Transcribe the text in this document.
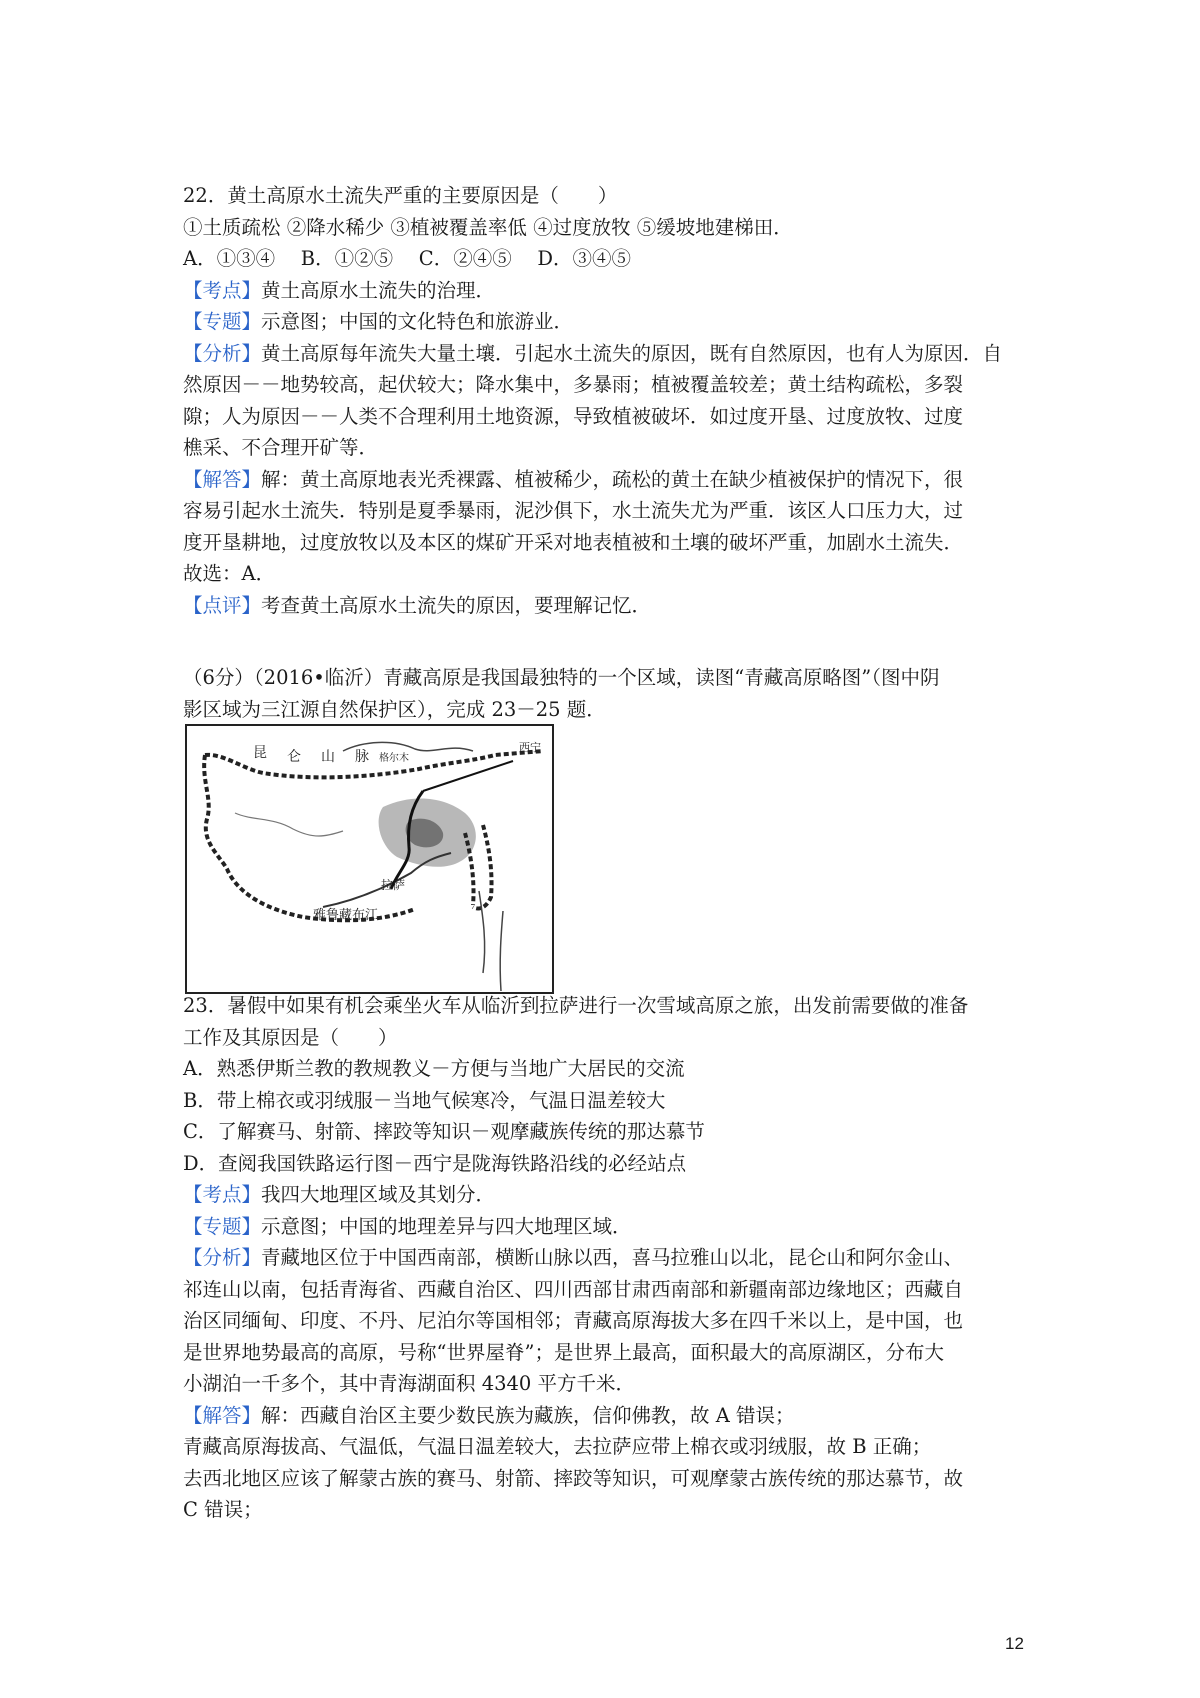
22．黄土高原水土流失严重的主要原因是（　　）
①土质疏松 ②降水稀少 ③植被覆盖率低 ④过度放牧 ⑤缓坡地建梯田．
A．①③④　 B．①②⑤　 C．②④⑤　 D．③④⑤
【考点】黄土高原水土流失的治理．
【专题】示意图；中国的文化特色和旅游业．
【分析】黄土高原每年流失大量土壤．引起水土流失的原因，既有自然原因，也有人为原因．自
然原因－－地势较高，起伏较大；降水集中，多暴雨；植被覆盖较差；黄土结构疏松，多裂
隙；人为原因－－人类不合理利用土地资源，导致植被破坏．如过度开垦、过度放牧、过度
樵采、不合理开矿等．
【解答】解：黄土高原地表光秃裸露、植被稀少，疏松的黄土在缺少植被保护的情况下，很
容易引起水土流失．特别是夏季暴雨，泥沙俱下，水土流失尤为严重．该区人口压力大，过
度开垦耕地，过度放牧以及本区的煤矿开采对地表植被和土壤的破坏严重，加剧水土流失．
故选：A．
【点评】考查黄土高原水土流失的原因，要理解记忆．
（6分）（2016•临沂）青藏高原是我国最独特的一个区域，读图“青藏高原略图”（图中阴
影区域为三江源自然保护区），完成 23－25 题．
昆 仑 山 脉 格尔木
西宁
拉萨
雅鲁藏布江
23．暑假中如果有机会乘坐火车从临沂到拉萨进行一次雪域高原之旅，出发前需要做的准备
工作及其原因是（　　）
A．熟悉伊斯兰教的教规教义－方便与当地广大居民的交流
B．带上棉衣或羽绒服－当地气候寒冷，气温日温差较大
C．了解赛马、射箭、摔跤等知识－观摩藏族传统的那达慕节
D．查阅我国铁路运行图－西宁是陇海铁路沿线的必经站点
【考点】我四大地理区域及其划分．
【专题】示意图；中国的地理差异与四大地理区域．
【分析】青藏地区位于中国西南部，横断山脉以西，喜马拉雅山以北，昆仑山和阿尔金山、
祁连山以南，包括青海省、西藏自治区、四川西部甘肃西南部和新疆南部边缘地区；西藏自
治区同缅甸、印度、不丹、尼泊尔等国相邻；青藏高原海拔大多在四千米以上，是中国，也
是世界地势最高的高原，号称“世界屋脊”；是世界上最高，面积最大的高原湖区，分布大
小湖泊一千多个，其中青海湖面积 4340 平方千米．
【解答】解：西藏自治区主要少数民族为藏族，信仰佛教，故 A 错误；
青藏高原海拔高、气温低，气温日温差较大，去拉萨应带上棉衣或羽绒服，故 B 正确；
去西北地区应该了解蒙古族的赛马、射箭、摔跤等知识，可观摩蒙古族传统的那达慕节，故
C 错误；
12
